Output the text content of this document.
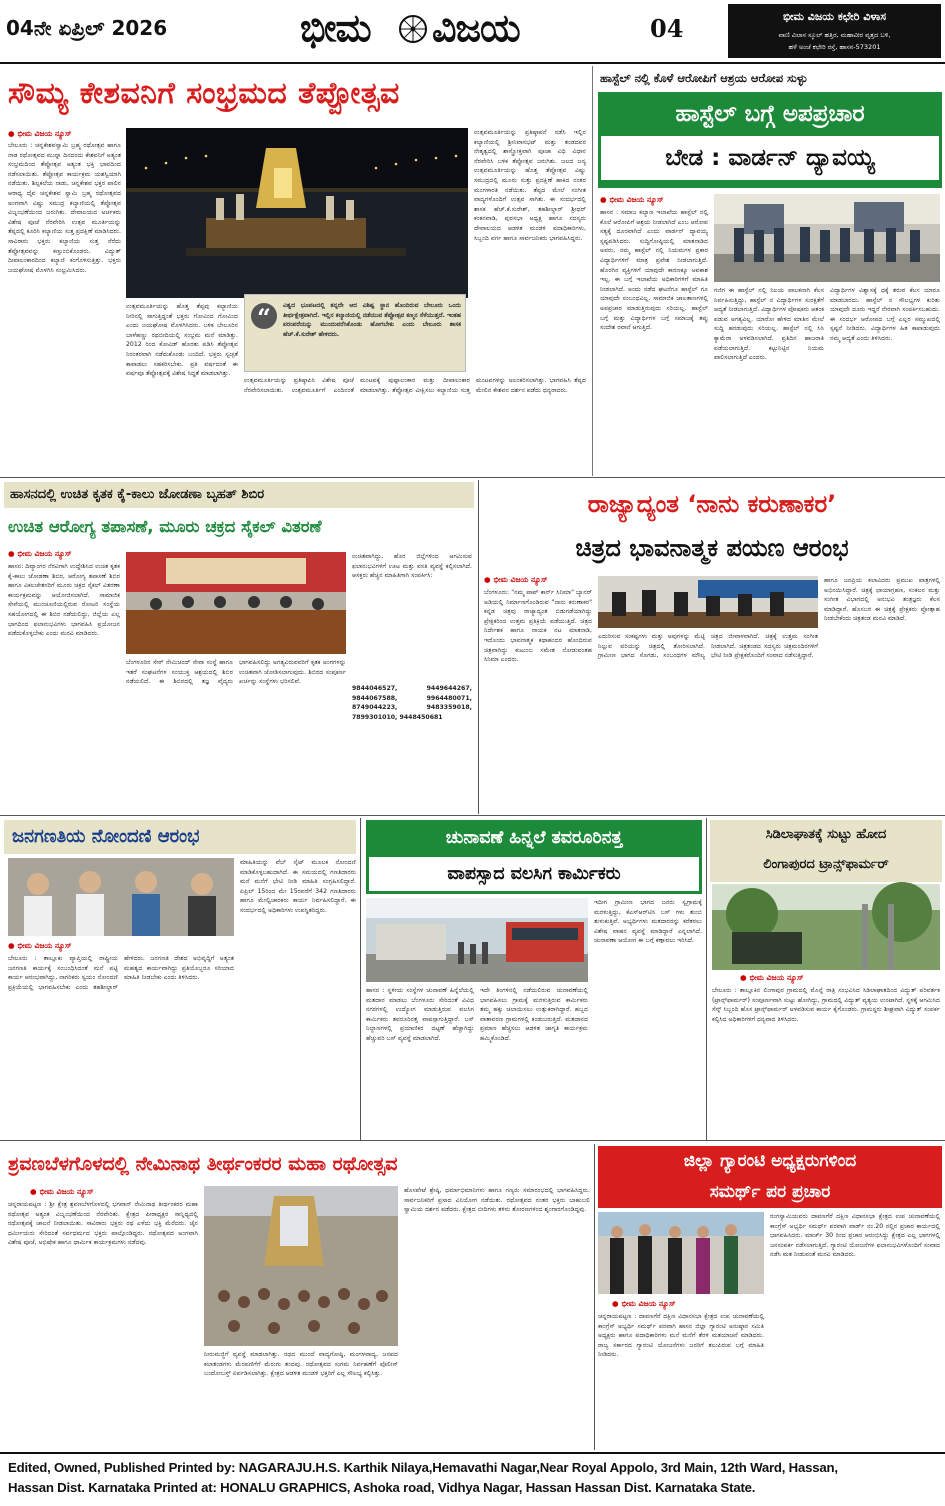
04ನೇ ಏಪ್ರಿಲ್ 2026	ಭೀಮ ವಿಜಯ	04	ಭೀಮ ವಿಜಯ ಕಛೇರಿ ವಿಳಾಸ
ವಾಣಿ ವಿಲಾಸ ಸ್ಕೂಲ್ ಹತ್ತಿರ, ಮಹಾವೀರ ವೃತ್ತದ ಬಳಿ,
ಹಳೆ ಅಂಚೆ ಕಛೇರಿ ರಸ್ತೆ, ಹಾಸನ-573201
ಸೌಮ್ಯ ಕೇಶವನಿಗೆ ಸಂಭ್ರಮದ ತೆಪ್ಪೋತ್ಸವ
● ಭೀಮ ವಿಜಯ ನ್ಯೂಸ್
ಬೇಲೂರು : ಚನ್ನಕೇಶವಸ್ವಾಮಿ ಬ್ರಹ್ಮ ರಥೋತ್ಸವ ಹಾಗೂ ನಾಡ ರಥೋತ್ಸವದ ಮುನ್ನಾ ದಿನದಂದು ಕೇಶವನಿಗೆ ಅತ್ಯಂತ ಸಂಭ್ರಮದಿಂದ ತೆಪ್ಪೋತ್ಸವ ಅತ್ಯಂತ ಭಕ್ತಿ ಭಾವದಿಂದ ನಡೆಸಲಾಯಿತು. ತೆಪ್ಪೋತ್ಸವ ಕಾರ್ಯಕ್ರಮ ಯಶಸ್ವಿಯಾಗಿ ನಡೆಯಿತು. ಶಿಲ್ಪಕಲೆಯ ನಾಡು, ಚನ್ನಕೇಶವ ಭಕ್ತರ ಪಾಲಿನ ಆರಾಧ್ಯ ದೈವ ಚನ್ನಕೇಶವ ಸ್ವಾಮಿ ಬ್ರಹ್ಮ ರಥೋತ್ಸವದ ಅಂಗವಾಗಿ ವಿಷ್ಣು ಸಮುದ್ರ ಕಲ್ಯಾಣಿಯಲ್ಲಿ ತೆಪ್ಪೋತ್ಸವ ವಿಜೃಂಭಣೆಯಿಂದ ಜರುಗಿತು. ದೇವಾಲಯದ ಅರ್ಚಕರು ವಿಶೇಷ ಪೂಜೆ ನೆರವೇರಿಸಿ ಉತ್ಸವ ಮೂರ್ತಿಯನ್ನು ತೆಪ್ಪದಲ್ಲಿ ಕೂರಿಸಿ ಕಲ್ಯಾಣಿಯ ಸುತ್ತ ಪ್ರದಕ್ಷಿಣೆ ಮಾಡಿಸಿದರು. ಸಾವಿರಾರು ಭಕ್ತರು ಕಲ್ಯಾಣಿಯ ಸುತ್ತ ನೆರೆದು ತೆಪ್ಪೋತ್ಸವವನ್ನು ಕಣ್ತುಂಬಿಕೊಂಡರು. ವಿದ್ಯುತ್ ದೀಪಾಲಂಕಾರದಿಂದ ಕಲ್ಯಾಣಿ ಕಂಗೊಳಿಸುತ್ತಿತ್ತು. ಭಕ್ತರು ಜಯಘೋಷ ಮೊಳಗಿಸಿ ಸಂಭ್ರಮಿಸಿದರು.
ಉತ್ಸವಮೂರ್ತಿಯನ್ನು ಪ್ರತಿಷ್ಠಾಪನೆ ನಡೆಸಿ ಇಲ್ಲಿನ ಕಲ್ಯಾಣಿಯಲ್ಲಿ ಶ್ರೀನಿವಾಸಭಟ್ ಮತ್ತು ತಂಡದವರ ನೇತೃತ್ವದಲ್ಲಿ ಶಾಸ್ತ್ರೋಕ್ತವಾಗಿ ಪೂಜಾ ವಿಧಿ ವಿಧಾನ ನೆರವೇರಿಸಿ ಬಳಿಕ ತೆಪ್ಪೋತ್ಸವ ಜರುಗಿತು. ಜಲದ ಜನ್ಯ ಉತ್ಸವಮೂರ್ತಿಯನ್ನು ಹೊತ್ತ ತೆಪ್ಪೋತ್ಸವ ವಿಷ್ಣು ಸಮುದ್ರದಲ್ಲಿ ಮೂರು ಸುತ್ತು ಪ್ರದಕ್ಷಿಣೆ ಹಾಕಿದ ನಂತರ ಮಂಗಳಾರತಿ ನಡೆಯಿತು. ತೆಪ್ಪದ ಮೇಲೆ ಸಂಗೀತ ವಾದ್ಯಗಳೊಂದಿಗೆ ಉತ್ಸವ ಸಾಗಿತು. ಈ ಸಂದರ್ಭದಲ್ಲಿ ಶಾಸಕ ಹೆಚ್.ಕೆ.ಸುರೇಶ್, ತಹಶೀಲ್ದಾರ್ ಶ್ರೀಧರ್ ಕಂಕನವಾಡಿ, ಪುರಸಭಾ ಅಧ್ಯಕ್ಷ ಹಾಗೂ ಸದಸ್ಯರು ದೇವಾಲಯದ ಆಡಳಿತ ಮಂಡಳಿ ಪದಾಧಿಕಾರಿಗಳು, ಸಿಬ್ಬಂದಿ ವರ್ಗ ಹಾಗೂ ಸಾರ್ವಜನಿಕರು ಭಾಗವಹಿಸಿದ್ದರು.
ಉತ್ಸವಮೂರ್ತಿಯನ್ನು ಹೊತ್ತ ತೆಪ್ಪವು ಕಲ್ಯಾಣಿಯ ನೀರಿನಲ್ಲಿ ಸಾಗುತ್ತಿದ್ದಂತೆ ಭಕ್ತರು ಗೋವಿಂದ ಗೋವಿಂದ ಎಂದು ಜಯಘೋಷ ಮೊಳಗಿಸಿದರು. ಬಳಿಕ ಬೇಲೂರಿನ ಬಾಳೆಹಣ್ಣು ರಥಬೀದಿಯಲ್ಲಿ ಸಂಭ್ರಮ ಮನೆ ಮಾಡಿತ್ತು. 2012 ರಿಂದ ಕೋವಿಡ್ ಹೊರತು ಪಡಿಸಿ ತೆಪ್ಪೋತ್ಸವ ನಿರಂತರವಾಗಿ ನಡೆದುಕೊಂಡು ಬಂದಿದೆ. ಭಕ್ತರು ಸ್ವಚ್ಛತೆ ಕಾಪಾಡಲು ಸಹಕರಿಸಬೇಕು. ಪ್ರತಿ ವರ್ಷದಂತೆ ಈ ವರ್ಷವೂ ತೆಪ್ಪೋತ್ಸವಕ್ಕೆ ವಿಶೇಷ ಸಿದ್ಧತೆ ಮಾಡಲಾಗಿತ್ತು.
“	ವಿಶ್ವದ ಭೂಪಟದಲ್ಲಿ ತನ್ನದೇ ಆದ ವಿಶಿಷ್ಟ ಸ್ಥಾನ ಹೊಂದಿರುವ ಬೇಲೂರು ಒಂದು ತೀರ್ಥಕ್ಷೇತ್ರವಾಗಿದೆ. ಇಲ್ಲಿನ ಕಲ್ಯಾಣಿಯಲ್ಲಿ ನಡೆಯುವ ತೆಪ್ಪೋತ್ಸವ ಕಣ್ಮನ ಸೆಳೆಯುತ್ತದೆ. ಇಂತಹ ಪರಂಪರೆಯನ್ನು ಮುಂದುವರೆಸಿಕೊಂಡು ಹೋಗಬೇಕು ಎಂದು ಬೇಲೂರು ಶಾಸಕ ಹೆಚ್.ಕೆ.ಸುರೇಶ್ ಹೇಳಿದರು.
ಉತ್ಸವಮೂರ್ತಿಯನ್ನು ಪ್ರತಿಷ್ಠಾಪಿಸಿ ವಿಶೇಷ ಪೂಜೆ ನೆರವೇರಿಸಲಾಯಿತು. ಉತ್ಸವಮೂರ್ತಿಗೆ ಎಂದಿನಂತೆ ಮಂಟಪಕ್ಕೆ ಪುಷ್ಪಾಲಂಕಾರ ಮತ್ತು ದೀಪಾಲಂಕಾರ ಮಾಡಲಾಗಿತ್ತು. ತೆಪ್ಪೋತ್ಸವ ವೀಕ್ಷಿಸಲು ಕಲ್ಯಾಣಿಯ ಸುತ್ತ ಮಂಟಪಗಳನ್ನು ಅಲಂಕರಿಸಲಾಗಿತ್ತು. ಭಾಗವಹಿಸಿ ತೆಪ್ಪದ ಮೇಲಿನ ಕೇಶವನ ದರ್ಶನ ಪಡೆದು ಧನ್ಯರಾದರು.
ಹಾಸ್ಟೆಲ್ ನಲ್ಲಿ ಕೊಳೆ ಆರೋಪಿಗೆ ಆಶ್ರಯ ಆರೋಪ ಸುಳ್ಳು
ಹಾಸ್ಟೆಲ್ ಬಗ್ಗೆ ಅಪಪ್ರಚಾರ
ಬೇಡ : ವಾರ್ಡನ್ ದ್ಯಾವಯ್ಯ
● ಭೀಮ ವಿಜಯ ನ್ಯೂಸ್
ಹಾಸನ : ಸಮಾಜ ಕಲ್ಯಾಣ ಇಲಾಖೆಯ ಹಾಸ್ಟೆಲ್ ನಲ್ಲಿ ಕೊಲೆ ಆರೋಪಿಗೆ ಆಶ್ರಯ ನೀಡಲಾಗಿದೆ ಎಂಬ ಆರೋಪ ಸತ್ಯಕ್ಕೆ ದೂರವಾಗಿದೆ ಎಂದು ವಾರ್ಡನ್ ದ್ಯಾವಯ್ಯ ಸ್ಪಷ್ಟಪಡಿಸಿದರು. ಸುದ್ದಿಗೋಷ್ಠಿಯಲ್ಲಿ ಮಾತನಾಡಿದ ಅವರು, ನಮ್ಮ ಹಾಸ್ಟೆಲ್ ನಲ್ಲಿ ನಿಯಮಗಳ ಪ್ರಕಾರ ವಿದ್ಯಾರ್ಥಿಗಳಿಗೆ ಮಾತ್ರ ಪ್ರವೇಶ ನೀಡಲಾಗುತ್ತಿದೆ. ಹೊರಗಿನ ವ್ಯಕ್ತಿಗಳಿಗೆ ಯಾವುದೇ ಕಾರಣಕ್ಕೂ ಅವಕಾಶ ಇಲ್ಲ. ಈ ಬಗ್ಗೆ ಇಲಾಖೆಯ ಅಧಿಕಾರಿಗಳಿಗೆ ಮಾಹಿತಿ ನೀಡಲಾಗಿದೆ. ಅಂದು ನಡೆದ ಘಟನೆಗೂ ಹಾಸ್ಟೆಲ್ ಗೂ ಯಾವುದೇ ಸಂಬಂಧವಿಲ್ಲ. ಸಾಮಾಜಿಕ ಜಾಲತಾಣಗಳಲ್ಲಿ ಅಪಪ್ರಚಾರ ಮಾಡುತ್ತಿರುವುದು ಸರಿಯಲ್ಲ. ಹಾಸ್ಟೆಲ್ ಬಗ್ಗೆ ಮತ್ತು ವಿದ್ಯಾರ್ಥಿಗಳ ಬಗ್ಗೆ ಸಮಾಜಕ್ಕೆ ತಪ್ಪು ಸಂದೇಶ ರವಾನೆ ಆಗುತ್ತಿದೆ.
ಗಣಿಗ ಈ ಹಾಸ್ಟೆಲ್ ನಲ್ಲಿ ನಿಲಯ ಪಾಲಕನಾಗಿ ಕೆಲಸ ನಿರ್ವಹಿಸುತ್ತಿದ್ದು, ಹಾಸ್ಟೆಲ್ ನ ವಿದ್ಯಾರ್ಥಿಗಳ ಸುರಕ್ಷತೆಗೆ ಆದ್ಯತೆ ನೀಡಲಾಗುತ್ತಿದೆ. ವಿದ್ಯಾರ್ಥಿಗಳ ಪೋಷಕರು ಆತಂಕ ಪಡುವ ಅಗತ್ಯವಿಲ್ಲ. ಯಾರೋ ಹೇಳಿದ ಮಾತಿನ ಮೇಲೆ ಸುದ್ದಿ ಹರಡುವುದು ಸರಿಯಲ್ಲ. ಹಾಸ್ಟೆಲ್ ನಲ್ಲಿ ಸಿಸಿ ಕ್ಯಾಮೆರಾ ಅಳವಡಿಸಲಾಗಿದೆ. ಪ್ರತಿದಿನ ಹಾಜರಾತಿ ಪಡೆಯಲಾಗುತ್ತಿದೆ. ಕಟ್ಟುನಿಟ್ಟಿನ ನಿಯಮ ಪಾಲಿಸಲಾಗುತ್ತಿದೆ ಎಂದರು.
ವಿದ್ಯಾರ್ಥಿಗಳ ವಿಶ್ವಾಸಕ್ಕೆ ಧಕ್ಕೆ ತರುವ ಕೆಲಸ ಯಾರೂ ಮಾಡಬಾರದು. ಹಾಸ್ಟೆಲ್ ನ ಸೌಲಭ್ಯಗಳ ಕುರಿತು ಯಾವುದೇ ದೂರು ಇದ್ದರೆ ನೇರವಾಗಿ ಸಂಪರ್ಕಿಸಬಹುದು. ಈ ಸಂದರ್ಭ ಆರೋಪದ ಬಗ್ಗೆ ಎಲ್ಲರ ಸಮ್ಮುಖದಲ್ಲಿ ಸ್ಪಷ್ಟನೆ ನೀಡಿದರು. ವಿದ್ಯಾರ್ಥಿಗಳ ಹಿತ ಕಾಪಾಡುವುದು ನಮ್ಮ ಆದ್ಯತೆ ಎಂದು ತಿಳಿಸಿದರು.
ಹಾಸನದಲ್ಲಿ ಉಚಿತ ಕೃತಕ ಕೈ-ಕಾಲು ಜೋಡಣಾ ಬೃಹತ್ ಶಿಬಿರ
ಉಚಿತ ಆರೋಗ್ಯ ತಪಾಸಣೆ, ಮೂರು ಚಕ್ರದ ಸೈಕಲ್ ವಿತರಣೆ
● ಭೀಮ ವಿಜಯ ನ್ಯೂಸ್
ಹಾಸನ: ದಿವ್ಯಾಂಗರ ನೆರವಿಗಾಗಿ ಉದ್ದೇಶಿಸಿದ ಉಚಿತ ಕೃತಕ ಕೈ-ಕಾಲು ಜೋಡಣಾ ಶಿಬಿರ, ಆರೋಗ್ಯ ತಪಾಸಣೆ ಶಿಬಿರ ಹಾಗೂ ವಿಕಲಚೇತನರಿಗೆ ಮೂರು ಚಕ್ರದ ಸೈಕಲ್ ವಿತರಣಾ ಕಾರ್ಯಕ್ರಮವನ್ನು ಆಯೋಜಿಸಲಾಗಿದೆ. ಸಾಮಾಜಿಕ ಸೇವೆಯಲ್ಲಿ ಮುಂಚೂಣಿಯಲ್ಲಿರುವ ರೋಟರಿ ಸಂಸ್ಥೆಯ ಸಹಯೋಗದಲ್ಲಿ ಈ ಶಿಬಿರ ನಡೆಯಲಿದ್ದು, ಜಿಲ್ಲೆಯ ಎಲ್ಲ ಭಾಗದಿಂದ ಫಲಾನುಭವಿಗಳು ಭಾಗವಹಿಸಿ ಪ್ರಯೋಜನ ಪಡೆದುಕೊಳ್ಳಬೇಕು ಎಂದು ಮನವಿ ಮಾಡಿದರು.
ಬೆಂಗಳೂರಿನ ಸೇಠ್ ನೇಮಿಚಂದ್ ಸೇವಾ ಸಂಸ್ಥೆ ಹಾಗೂ ಇತರೆ ಸಂಘಟನೆಗಳ ಸಂಯುಕ್ತ ಆಶ್ರಯದಲ್ಲಿ ಶಿಬಿರ ನಡೆಯಲಿದೆ. ಈ ಶಿಬಿರದಲ್ಲಿ ತಜ್ಞ ವೈದ್ಯರು ಭಾಗವಹಿಸಲಿದ್ದು ಅಗತ್ಯವಿರುವವರಿಗೆ ಕೃತಕ ಅಂಗಗಳನ್ನು ಉಚಿತವಾಗಿ ಜೋಡಿಸಲಾಗುವುದು. ಶಿಬಿರದ ಸಂಪೂರ್ಣ ಖರ್ಚನ್ನು ಸಂಸ್ಥೆಗಳು ಭರಿಸಲಿವೆ.
ಉಚಿತವಾಗಿದ್ದು, ಹೊರ ಜಿಲ್ಲೆಗಳಿಂದ ಆಗಮಿಸುವ ಫಲಾನುಭವಿಗಳಿಗೆ ಊಟ ಮತ್ತು ವಸತಿ ವ್ಯವಸ್ಥೆ ಕಲ್ಪಿಸಲಾಗಿದೆ. ಆಸಕ್ತರು ಹೆಚ್ಚಿನ ಮಾಹಿತಿಗಾಗಿ ಸಂಪರ್ಕಿಸಿ:
9844046527, 9449644267, 9844067588, 9964480071, 8749044223, 9483359018, 7899301010, 9448450681
ರಾಜ್ಯಾದ್ಯಂತ ‘ನಾನು ಕರುಣಾಕರ’
ಚಿತ್ರದ ಭಾವನಾತ್ಮಕ ಪಯಣ ಆರಂಭ
● ಭೀಮ ವಿಜಯ ನ್ಯೂಸ್
ಬೆಂಗಳೂರು: "ನಮ್ಮ ಪಾಪ್ ಕಾರ್ನ್ ಸಿನಿಮಾ" ಬ್ಯಾನರ್ ಅಡಿಯಲ್ಲಿ ನಿರ್ಮಾಣಗೊಂಡಿರುವ "ನಾನು ಕರುಣಾಕರ" ಕನ್ನಡ ಚಿತ್ರವು ರಾಜ್ಯಾದ್ಯಂತ ಬಿಡುಗಡೆಯಾಗಿದ್ದು ಪ್ರೇಕ್ಷಕರಿಂದ ಉತ್ತಮ ಪ್ರತಿಕ್ರಿಯೆ ಪಡೆಯುತ್ತಿದೆ. ಚಿತ್ರದ ನಿರ್ದೇಶಕ ಹಾಗೂ ನಾಯಕ ನಟ ಮಾತನಾಡಿ, ಇದೊಂದು ಭಾವನಾತ್ಮಕ ಕಥಾಹಂದರ ಹೊಂದಿರುವ ಚಿತ್ರವಾಗಿದ್ದು ಕುಟುಂಬ ಸಮೇತ ನೋಡುವಂತಹ ಸಿನಿಮಾ ಎಂದರು.
ಎದುರಿಸುವ ಸಂಕಷ್ಟಗಳು ಮತ್ತು ಅವುಗಳನ್ನು ಮೆಟ್ಟಿ ನಿಲ್ಲುವ ಪರಿಯನ್ನು ಚಿತ್ರದಲ್ಲಿ ತೋರಿಸಲಾಗಿದೆ. ಗ್ರಾಮೀಣ ಭಾಗದ ಸೊಗಡು, ಸಂಬಂಧಗಳ ಮೌಲ್ಯ ಚಿತ್ರದ ಜೀವಾಳವಾಗಿದೆ. ಚಿತ್ರಕ್ಕೆ ಉತ್ತಮ ಸಂಗೀತ ನೀಡಲಾಗಿದೆ. ಚಿತ್ರತಂಡದ ಸದಸ್ಯರು ಚಿತ್ರಮಂದಿರಗಳಿಗೆ ಭೇಟಿ ನೀಡಿ ಪ್ರೇಕ್ಷಕರೊಂದಿಗೆ ಸಂವಾದ ನಡೆಸುತ್ತಿದ್ದಾರೆ.
ಹಾಗೂ ಜನಪ್ರಿಯ ಕಲಾವಿದರು ಪ್ರಮುಖ ಪಾತ್ರಗಳಲ್ಲಿ ಅಭಿನಯಿಸಿದ್ದಾರೆ. ಚಿತ್ರಕ್ಕೆ ಛಾಯಾಗ್ರಹಣ, ಸಂಕಲನ ಮತ್ತು ಸಂಗೀತ ವಿಭಾಗದಲ್ಲಿ ಅನುಭವಿ ತಂತ್ರಜ್ಞರು ಕೆಲಸ ಮಾಡಿದ್ದಾರೆ. ಹೊಸಬರ ಈ ಚಿತ್ರಕ್ಕೆ ಪ್ರೇಕ್ಷಕರು ಪ್ರೋತ್ಸಾಹ ನೀಡಬೇಕೆಂದು ಚಿತ್ರತಂಡ ಮನವಿ ಮಾಡಿದೆ.
ಜನಗಣತಿಯ ನೋಂದಣಿ ಆರಂಭ
ಮಾಹಿತಿಯನ್ನು ವೆಬ್ ಸೈಟ್ ಮೂಲಕ ನೋಂದಣಿ ಮಾಡಿಕೊಳ್ಳಬಹುದಾಗಿದೆ. ಈ ಸಮಯದಲ್ಲಿ ಗಣತಿದಾರರು ಮನೆ ಮನೆಗೆ ಭೇಟಿ ನೀಡಿ ಮಾಹಿತಿ ಸಂಗ್ರಹಿಸಲಿದ್ದಾರೆ. ಏಪ್ರಿಲ್ 15ರಿಂದ ಮೇ 15ರವರೆಗೆ 342 ಗಣತಿದಾರರು ಹಾಗೂ ಮೇಲ್ವಿಚಾರಕರು ಕಾರ್ಯ ನಿರ್ವಹಿಸಲಿದ್ದಾರೆ. ಈ ಸಂದರ್ಭದಲ್ಲಿ ಅಧಿಕಾರಿಗಳು ಉಪಸ್ಥಿತರಿದ್ದರು.
● ಭೀಮ ವಿಜಯ ನ್ಯೂಸ್
ಬೇಲೂರು : ತಾಲ್ಲೂಕು ವ್ಯಾಪ್ತಿಯಲ್ಲಿ ರಾಷ್ಟ್ರೀಯ ಜನಗಣತಿ ಕಾರ್ಯಕ್ಕೆ ಸಂಬಂಧಿಸಿದಂತೆ ಮನೆ ಪಟ್ಟಿ ಕಾರ್ಯ ಆರಂಭವಾಗಿದ್ದು, ನಾಗರಿಕರು ಸ್ವಯಂ ನೋಂದಣಿ ಪ್ರಕ್ರಿಯೆಯಲ್ಲಿ ಭಾಗವಹಿಸಬೇಕು ಎಂದು ತಹಶೀಲ್ದಾರ್ ಹೇಳಿದರು. ಜನಗಣತಿ ದೇಶದ ಅಭಿವೃದ್ಧಿಗೆ ಅತ್ಯಂತ ಮಹತ್ವದ ಕಾರ್ಯವಾಗಿದ್ದು ಪ್ರತಿಯೊಬ್ಬರೂ ಸರಿಯಾದ ಮಾಹಿತಿ ನೀಡಬೇಕು ಎಂದು ತಿಳಿಸಿದರು.
ಚುನಾವಣೆ ಹಿನ್ನಲೆ ತವರೂರಿನತ್ತ
ವಾಪಸ್ಸಾದ ವಲಸಿಗ ಕಾರ್ಮಿಕರು
ಇದೀಗ ಗ್ರಾಮೀಣ ಭಾಗದ ಜನರು ಸ್ವಗ್ರಾಮಕ್ಕೆ ಮರಳುತ್ತಿದ್ದು, ಕೆಎಸ್‌ಆರ್‌ಟಿಸಿ ಬಸ್ ಗಳು ತುಂಬಿ ತುಳುಕುತ್ತಿವೆ. ಅಭ್ಯರ್ಥಿಗಳು ಮತದಾರರನ್ನು ಕರೆತರಲು ವಿಶೇಷ ವಾಹನ ವ್ಯವಸ್ಥೆ ಮಾಡಿದ್ದಾರೆ ಎನ್ನಲಾಗಿದೆ. ಚುನಾವಣಾ ಆಯೋಗ ಈ ಬಗ್ಗೆ ಕಣ್ಗಾವಲು ಇರಿಸಿದೆ.
ಹಾಸನ : ಸ್ಥಳೀಯ ಸಂಸ್ಥೆಗಳ ಚುನಾವಣೆ ಹಿನ್ನೆಲೆಯಲ್ಲಿ ಮತದಾನ ಮಾಡಲು ಬೆಂಗಳೂರು ಸೇರಿದಂತೆ ವಿವಿಧ ನಗರಗಳಲ್ಲಿ ಉದ್ಯೋಗ ಮಾಡುತ್ತಿರುವ ವಲಸಿಗ ಕಾರ್ಮಿಕರು ತವರೂರಿನತ್ತ ವಾಪಸ್ಸಾಗುತ್ತಿದ್ದಾರೆ. ಬಸ್ ನಿಲ್ದಾಣಗಳಲ್ಲಿ ಪ್ರಯಾಣಿಕರ ದಟ್ಟಣೆ ಹೆಚ್ಚಾಗಿದ್ದು ಹೆಚ್ಚುವರಿ ಬಸ್ ವ್ಯವಸ್ಥೆ ಮಾಡಲಾಗಿದೆ.
ಇದೇ ತಿಂಗಳಿನಲ್ಲಿ ನಡೆಯಲಿರುವ ಚುನಾವಣೆಯಲ್ಲಿ ಭಾಗವಹಿಸಲು ಗ್ರಾಮಕ್ಕೆ ಮರಳುತ್ತಿರುವ ಕಾರ್ಮಿಕರು ತಮ್ಮ ಹಕ್ಕು ಚಲಾಯಿಸಲು ಉತ್ಸುಕರಾಗಿದ್ದಾರೆ. ಹಬ್ಬದ ವಾತಾವರಣ ಗ್ರಾಮಗಳಲ್ಲಿ ಕಂಡುಬರುತ್ತಿದೆ. ಮತದಾನದ ಪ್ರಮಾಣ ಹೆಚ್ಚಿಸಲು ಆಡಳಿತ ಜಾಗೃತಿ ಕಾರ್ಯಕ್ರಮ ಹಮ್ಮಿಕೊಂಡಿದೆ.
ಸಿಡಿಲಾಘಾತಕ್ಕೆ ಸುಟ್ಟು ಹೋದ
ಲಿಂಗಾಪುರದ ಟ್ರಾನ್ಸ್‌ಫಾರ್ಮರ್
● ಭೀಮ ವಿಜಯ ನ್ಯೂಸ್
ಬೇಲೂರು : ತಾಲ್ಲೂಕಿನ ಲಿಂಗಾಪುರ ಗ್ರಾಮದಲ್ಲಿ ಮೊನ್ನೆ ರಾತ್ರಿ ಸಂಭವಿಸಿದ ಸಿಡಿಲಾಘಾತದಿಂದ ವಿದ್ಯುತ್ ಪರಿವರ್ತಕ (ಟ್ರಾನ್ಸ್‌ಫಾರ್ಮರ್) ಸಂಪೂರ್ಣವಾಗಿ ಸುಟ್ಟು ಹೋಗಿದ್ದು, ಗ್ರಾಮದಲ್ಲಿ ವಿದ್ಯುತ್ ವ್ಯತ್ಯಯ ಉಂಟಾಗಿದೆ. ಸ್ಥಳಕ್ಕೆ ಆಗಮಿಸಿದ ಸೆಸ್ಕ್ ಸಿಬ್ಬಂದಿ ಹೊಸ ಟ್ರಾನ್ಸ್‌ಫಾರ್ಮರ್ ಅಳವಡಿಸುವ ಕಾರ್ಯ ಕೈಗೊಂಡರು. ಗ್ರಾಮಸ್ಥರು ಶೀಘ್ರವಾಗಿ ವಿದ್ಯುತ್ ಸಂಪರ್ಕ ಕಲ್ಪಿಸಿದ ಅಧಿಕಾರಿಗಳಿಗೆ ಧನ್ಯವಾದ ತಿಳಿಸಿದರು.
ಶ್ರವಣಬೆಳಗೊಳದಲ್ಲಿ ನೇಮಿನಾಥ ತೀರ್ಥಂಕರರ ಮಹಾ ರಥೋತ್ಸವ
● ಭೀಮ ವಿಜಯ ನ್ಯೂಸ್
ಚನ್ನರಾಯಪಟ್ಟಣ : ಶ್ರೀ ಕ್ಷೇತ್ರ ಶ್ರವಣಬೆಳಗೊಳದಲ್ಲಿ ಭಗವಾನ್ ನೇಮಿನಾಥ ತೀರ್ಥಂಕರರ ಮಹಾ ರಥೋತ್ಸವ ಅತ್ಯಂತ ವಿಜೃಂಭಣೆಯಿಂದ ನೆರವೇರಿತು. ಕ್ಷೇತ್ರದ ಪೀಠಾಧ್ಯಕ್ಷರ ಸಾನ್ನಿಧ್ಯದಲ್ಲಿ ರಥೋತ್ಸವಕ್ಕೆ ಚಾಲನೆ ನೀಡಲಾಯಿತು. ಸಾವಿರಾರು ಭಕ್ತರು ರಥ ಎಳೆದು ಭಕ್ತಿ ಮೆರೆದರು. ಜೈನ ಧರ್ಮೀಯರು ಸೇರಿದಂತೆ ಸರ್ವಧರ್ಮದ ಭಕ್ತರು ಪಾಲ್ಗೊಂಡಿದ್ದರು. ರಥೋತ್ಸವದ ಅಂಗವಾಗಿ ವಿಶೇಷ ಪೂಜೆ, ಅಭಿಷೇಕ ಹಾಗೂ ಧಾರ್ಮಿಕ ಕಾರ್ಯಕ್ರಮಗಳು ನಡೆದವು.
ನೀರುಮಜ್ಜಿಗೆ ವ್ಯವಸ್ಥೆ ಮಾಡಲಾಗಿತ್ತು. ರಥದ ಮುಂದೆ ವಾದ್ಯಗೋಷ್ಠಿ, ಮಂಗಳವಾದ್ಯ, ಜನಪದ ಕಲಾತಂಡಗಳು ಮೆರವಣಿಗೆಗೆ ಮೆರುಗು ತಂದವು. ರಥೋತ್ಸವದ ಸುಗಮ ನಿರ್ವಹಣೆಗೆ ಪೊಲೀಸ್ ಬಂದೋಬಸ್ತ್ ಏರ್ಪಡಿಸಲಾಗಿತ್ತು. ಕ್ಷೇತ್ರದ ಆಡಳಿತ ಮಂಡಳಿ ಭಕ್ತರಿಗೆ ಎಲ್ಲ ಸೌಲಭ್ಯ ಕಲ್ಪಿಸಿತ್ತು.
ಹೊಸಪೇಟೆ ಶ್ರೇಷ್ಠಿ, ಧರ್ಮಾಭಿಮಾನಿಗಳು ಹಾಗೂ ಗಣ್ಯರು ಸಮಾರಂಭದಲ್ಲಿ ಭಾಗವಹಿಸಿದ್ದರು. ಸಾರ್ವಜನಿಕರಿಗೆ ಪ್ರಸಾದ ವಿನಿಯೋಗ ನಡೆಯಿತು. ರಥೋತ್ಸವದ ನಂತರ ಭಕ್ತರು ಬಾಹುಬಲಿ ಸ್ವಾಮಿಯ ದರ್ಶನ ಪಡೆದರು. ಕ್ಷೇತ್ರದ ಬೀದಿಗಳು ತಳಿರು ತೋರಣಗಳಿಂದ ಶೃಂಗಾರಗೊಂಡಿದ್ದವು.
ಜಿಲ್ಲಾ ಗ್ಯಾರಂಟಿ ಅಧ್ಯಕ್ಷರುಗಳಿಂದ
ಸಮರ್ಥ್ ಪರ ಪ್ರಚಾರ
ರಂಗಸ್ವಾಮಿಯವರು ದಾವಣಗೆರೆ ದಕ್ಷಿಣ ವಿಧಾನಸಭಾ ಕ್ಷೇತ್ರದ ಉಪ ಚುನಾವಣೆಯಲ್ಲಿ ಕಾಂಗ್ರೆಸ್ ಅಭ್ಯರ್ಥಿ ಸಮರ್ಥ್ ಪರವಾಗಿ ವಾರ್ಡ್ ನಂ.20 ರಲ್ಲಿನ ಪ್ರಚಾರ ಕಾರ್ಯದಲ್ಲಿ ಭಾಗವಹಿಸಿದರು. ಮಾರ್ಚ್ 30 ರಿಂದ ಪ್ರಚಾರ ಆರಂಭಿಸಿದ್ದು ಕ್ಷೇತ್ರದ ಎಲ್ಲ ಭಾಗಗಳಲ್ಲಿ ಜನಸಂಪರ್ಕ ನಡೆಸಲಾಗುತ್ತಿದೆ. ಗ್ಯಾರಂಟಿ ಯೋಜನೆಗಳ ಫಲಾನುಭವಿಗಳೊಂದಿಗೆ ಸಂವಾದ ನಡೆಸಿ ಮತ ನೀಡುವಂತೆ ಮನವಿ ಮಾಡಿದರು.
● ಭೀಮ ವಿಜಯ ನ್ಯೂಸ್
ಚನ್ನರಾಯಪಟ್ಟಣ : ದಾವಣಗೆರೆ ದಕ್ಷಿಣ ವಿಧಾನಸಭಾ ಕ್ಷೇತ್ರದ ಉಪ ಚುನಾವಣೆಯಲ್ಲಿ ಕಾಂಗ್ರೆಸ್ ಅಭ್ಯರ್ಥಿ ಸಮರ್ಥ್ ಪರವಾಗಿ ಹಾಸನ ಜಿಲ್ಲಾ ಗ್ಯಾರಂಟಿ ಅನುಷ್ಠಾನ ಸಮಿತಿ ಅಧ್ಯಕ್ಷರು ಹಾಗೂ ಪದಾಧಿಕಾರಿಗಳು ಮನೆ ಮನೆಗೆ ತೆರಳಿ ಮತಯಾಚನೆ ಮಾಡಿದರು. ರಾಜ್ಯ ಸರ್ಕಾರದ ಗ್ಯಾರಂಟಿ ಯೋಜನೆಗಳು ಜನರಿಗೆ ತಲುಪಿರುವ ಬಗ್ಗೆ ಮಾಹಿತಿ ನೀಡಿದರು.
Edited, Owned, Published Printed by: NAGARAJU.H.S. Karthik Nilaya,Hemavathi Nagar,Near Royal Appolo, 3rd Main, 12th Ward, Hassan,
Hassan Dist. Karnataka Printed at: HONALU GRAPHICS, Ashoka road, Vidhya Nagar, Hassan Hassan Dist. Karnataka State.
